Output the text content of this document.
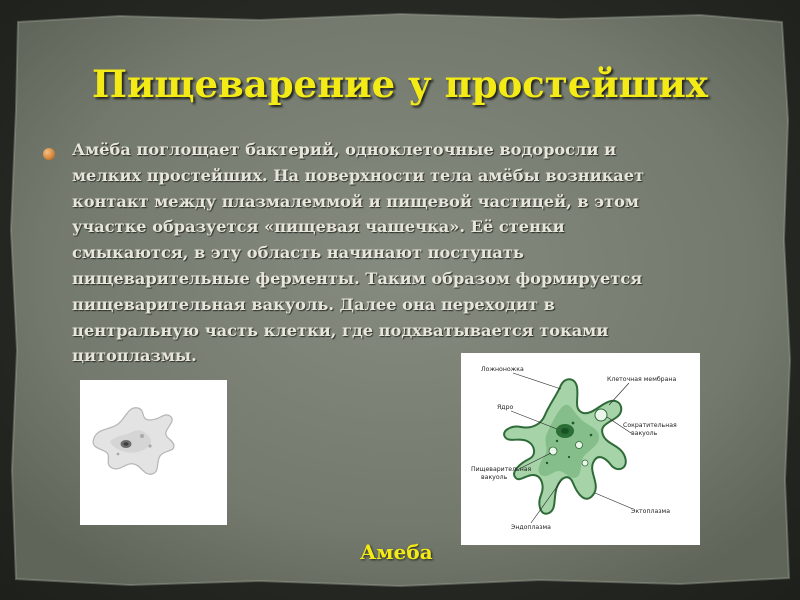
Пищеварение у простейших
Амёба поглощает бактерий, одноклеточные водоросли и
мелких простейших. На поверхности тела амёбы возникает
контакт между плазмалеммой и пищевой частицей, в этом
участке образуется «пищевая чашечка». Её стенки
смыкаются, в эту область начинают поступать
пищеварительные ферменты. Таким образом формируется
пищеварительная вакуоль. Далее она переходит в
центральную часть клетки, где подхватывается токами
цитоплазмы.
Ложноножка
Клеточная мембрана
Ядро
Сократительная
вакуоль
Пищеварительная
вакуоль
Эктоплазма
Эндоплазма
Амеба
